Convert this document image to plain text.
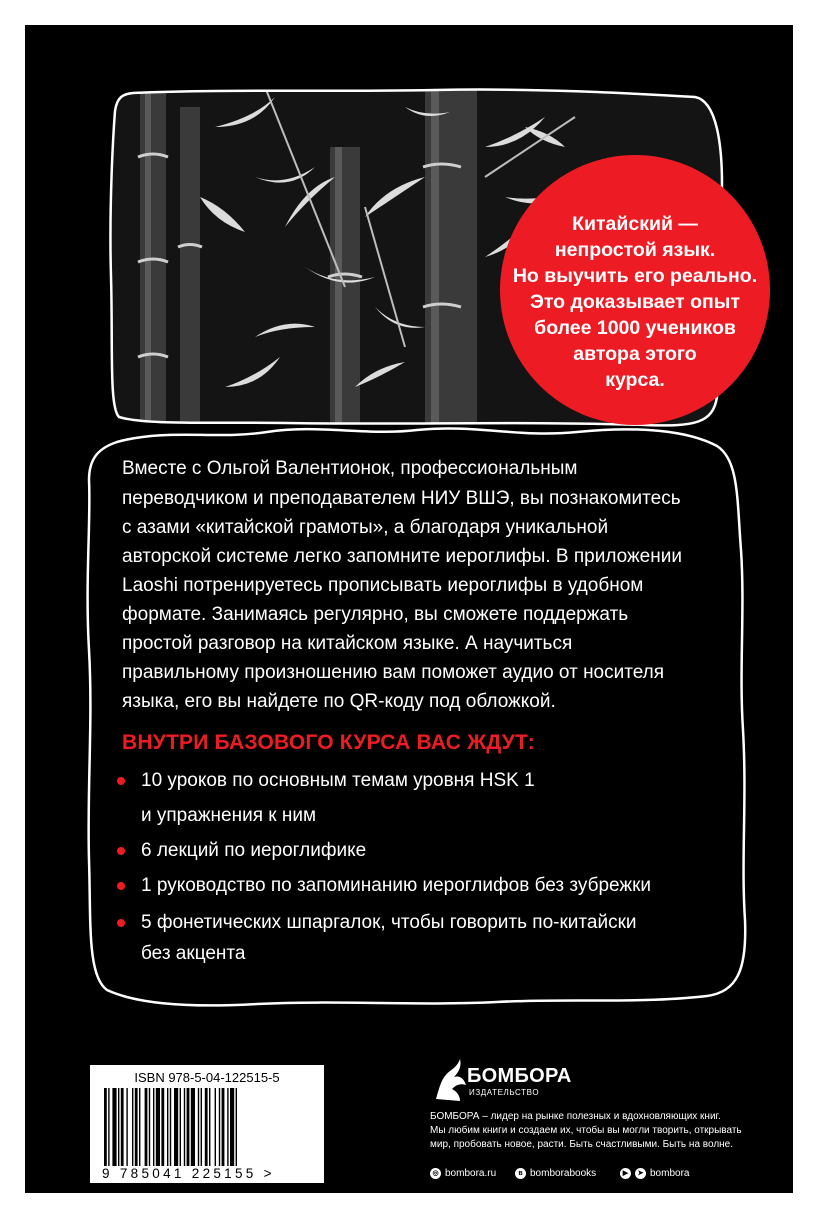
Китайский —
непростой язык.
Но выучить его реально.
Это доказывает опыт
более 1000 учеников
автора этого
курса.
Вместе с Ольгой Валентионок, профессиональным
переводчиком и преподавателем НИУ ВШЭ, вы познакомитесь
с азами «китайской грамоты», а благодаря уникальной
авторской системе легко запомните иероглифы. В приложении
Laoshi потренируетесь прописывать иероглифы в удобном
формате. Занимаясь регулярно, вы сможете поддержать
простой разговор на китайском языке. А научиться
правильному произношению вам поможет аудио от носителя
языка, его вы найдете по QR-коду под обложкой.
ВНУТРИ БАЗОВОГО КУРСА ВАС ЖДУТ:
10 уроков по основным темам уровня HSK 1
и упражнения к ним
6 лекций по иероглифике
1 руководство по запоминанию иероглифов без зубрежки
5 фонетических шпаргалок, чтобы говорить по-китайски
без акцента
ISBN 978-5-04-122515-5
9 785041 225155 >
БОМБОРА
ИЗДАТЕЛЬСТВО
БОМБОРА – лидер на рынке полезных и вдохновляющих книг.
Мы любим книги и создаем их, чтобы вы могли творить, открывать
мир, пробовать новое, расти. Быть счастливыми. Быть на волне.
◎ bombora.ru	в bomborabooks	▶	➤ bombora
